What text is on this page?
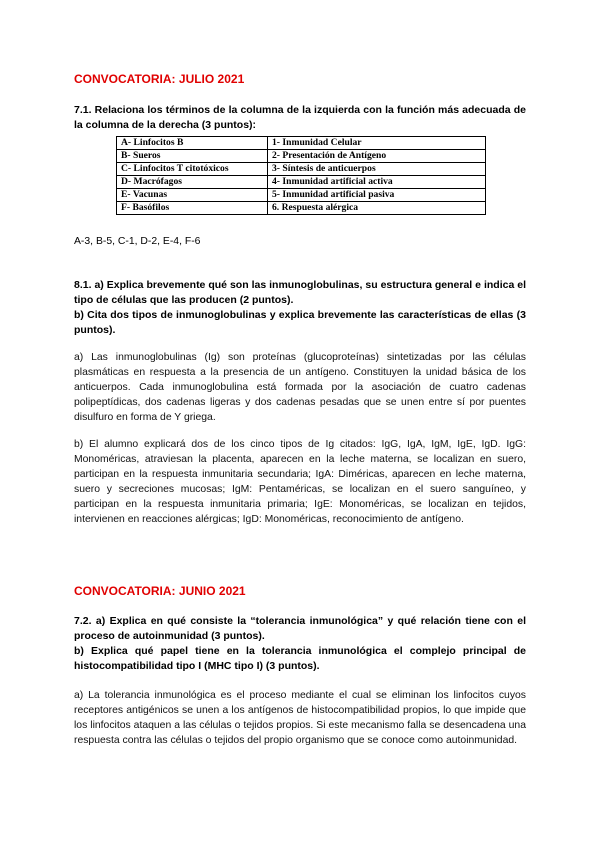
CONVOCATORIA: JULIO 2021
7.1. Relaciona los términos de la columna de la izquierda con la función más adecuada de la columna de la derecha (3 puntos):
A- Linfocitos B	1- Inmunidad Celular
B- Sueros	2- Presentación de Antígeno
C- Linfocitos T citotóxicos	3- Síntesis de anticuerpos
D- Macrófagos	4- Inmunidad artificial activa
E- Vacunas	5- Inmunidad artificial pasiva
F- Basófilos	6. Respuesta alérgica
A-3, B-5, C-1, D-2, E-4, F-6

8.1. a) Explica brevemente qué son las inmunoglobulinas, su estructura general e indica el tipo de células que las producen (2 puntos).

b) Cita dos tipos de inmunoglobulinas y explica brevemente las características de ellas (3 puntos).

a) Las inmunoglobulinas (Ig) son proteínas (glucoproteínas) sintetizadas por las células plasmáticas en respuesta a la presencia de un antígeno. Constituyen la unidad básica de los anticuerpos. Cada inmunoglobulina está formada por la asociación de cuatro cadenas polipeptídicas, dos cadenas ligeras y dos cadenas pesadas que se unen entre sí por puentes disulfuro en forma de Y griega.
b) El alumno explicará dos de los cinco tipos de Ig citados: IgG, IgA, IgM, IgE, IgD. IgG: Monoméricas, atraviesan la placenta, aparecen en la leche materna, se localizan en suero, participan en la respuesta inmunitaria secundaria; IgA: Diméricas, aparecen en leche materna, suero y secreciones mucosas; IgM: Pentaméricas, se localizan en el suero sanguíneo, y participan en la respuesta inmunitaria primaria; IgE: Monoméricas, se localizan en tejidos, intervienen en reacciones alérgicas; IgD: Monoméricas, reconocimiento de antígeno.
CONVOCATORIA: JUNIO 2021

7.2. a) Explica en qué consiste la “tolerancia inmunológica” y qué relación tiene con el proceso de autoinmunidad (3 puntos).

b) Explica qué papel tiene en la tolerancia inmunológica el complejo principal de histocompatibilidad tipo I (MHC tipo I) (3 puntos).

a) La tolerancia inmunológica es el proceso mediante el cual se eliminan los linfocitos cuyos receptores antigénicos se unen a los antígenos de histocompatibilidad propios, lo que impide que los linfocitos ataquen a las células o tejidos propios. Si este mecanismo falla se desencadena una respuesta contra las células o tejidos del propio organismo que se conoce como autoinmunidad.
